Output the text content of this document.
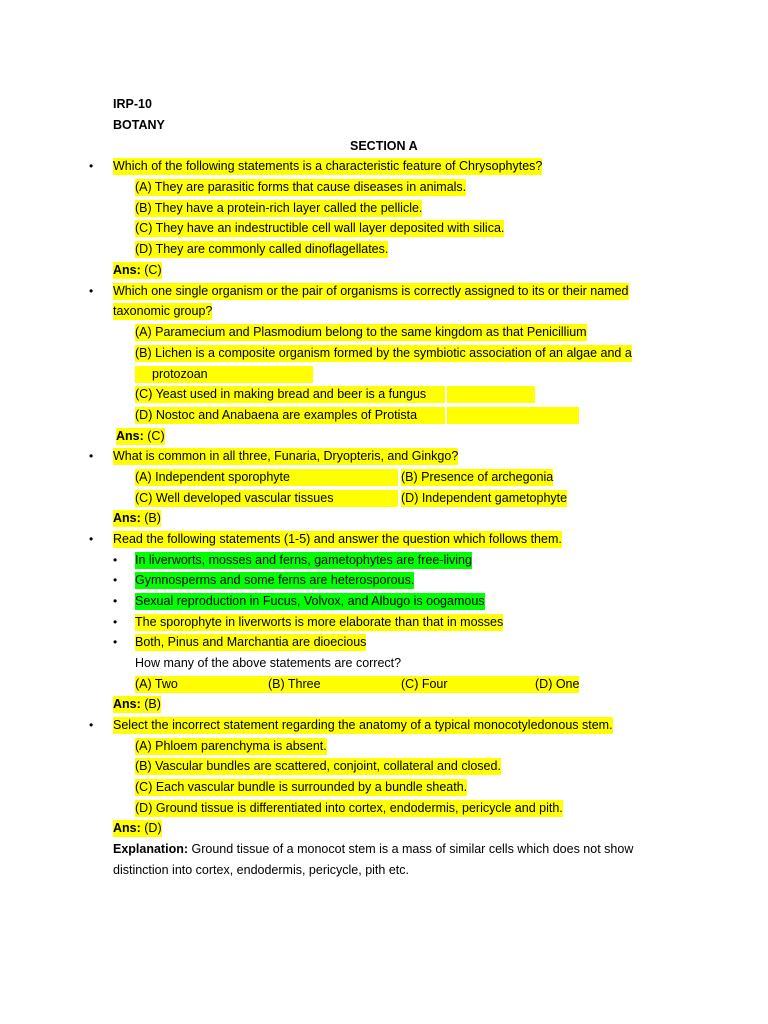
IRP-10
BOTANY
SECTION A
• Which of the following statements is a characteristic feature of Chrysophytes?
(A) They are parasitic forms that cause diseases in animals.
(B) They have a protein-rich layer called the pellicle.
(C) They have an indestructible cell wall layer deposited with silica.
(D) They are commonly called dinoflagellates.
Ans: (C)
• Which one single organism or the pair of organisms is correctly assigned to its or their named
taxonomic group?
(A) Paramecium and Plasmodium belong to the same kingdom as that Penicillium
(B) Lichen is a composite organism formed by the symbiotic association of an algae and a
protozoan
(C) Yeast used in making bread and beer is a fungus
(D) Nostoc and Anabaena are examples of Protista
Ans: (C)
• What is common in all three, Funaria, Dryopteris, and Ginkgo?
(A) Independent sporophyte	(B) Presence of archegonia
(C) Well developed vascular tissues	(D) Independent gametophyte
Ans: (B)
• Read the following statements (1-5) and answer the question which follows them.
• In liverworts, mosses and ferns, gametophytes are free-living
• Gymnosperms and some ferns are heterosporous.
• Sexual reproduction in Fucus, Volvox, and Albugo is oogamous
• The sporophyte in liverworts is more elaborate than that in mosses
• Both, Pinus and Marchantia are dioecious
How many of the above statements are correct?
(A) Two	(B) Three	(C) Four	(D) One
Ans: (B)
• Select the incorrect statement regarding the anatomy of a typical monocotyledonous stem.
(A) Phloem parenchyma is absent.
(B) Vascular bundles are scattered, conjoint, collateral and closed.
(C) Each vascular bundle is surrounded by a bundle sheath.
(D) Ground tissue is differentiated into cortex, endodermis, pericycle and pith.
Ans: (D)
Explanation: Ground tissue of a monocot stem is a mass of similar cells which does not show
distinction into cortex, endodermis, pericycle, pith etc.
